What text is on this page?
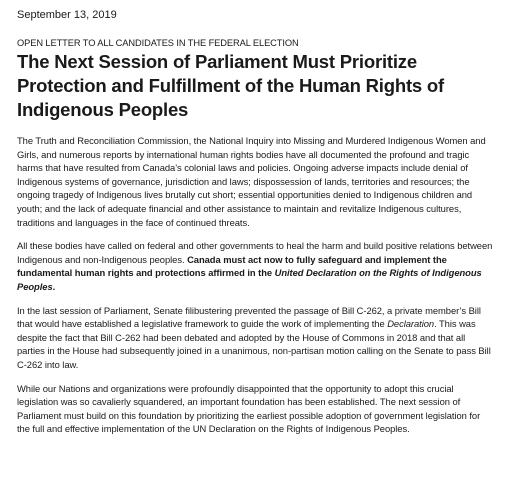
September 13, 2019
OPEN LETTER TO ALL CANDIDATES IN THE FEDERAL ELECTION
The Next Session of Parliament Must Prioritize Protection and Fulfillment of the Human Rights of Indigenous Peoples

The Truth and Reconciliation Commission, the National Inquiry into Missing and Murdered Indigenous Women and Girls, and numerous reports by international human rights bodies have all documented the profound and tragic harms that have resulted from Canada’s colonial laws and policies. Ongoing adverse impacts include denial of Indigenous systems of governance, jurisdiction and laws; dispossession of lands, territories and resources; the ongoing tragedy of Indigenous lives brutally cut short; essential opportunities denied to Indigenous children and youth; and the lack of adequate financial and other assistance to maintain and revitalize Indigenous cultures, traditions and languages in the face of continued threats.

All these bodies have called on federal and other governments to heal the harm and build positive relations between Indigenous and non-Indigenous peoples. Canada must act now to fully safeguard and implement the fundamental human rights and protections affirmed in the United Declaration on the Rights of Indigenous Peoples.

In the last session of Parliament, Senate filibustering prevented the passage of Bill C-262, a private member’s Bill that would have established a legislative framework to guide the work of implementing the Declaration. This was despite the fact that Bill C-262 had been debated and adopted by the House of Commons in 2018 and that all parties in the House had subsequently joined in a unanimous, non-partisan motion calling on the Senate to pass Bill C-262 into law.

While our Nations and organizations were profoundly disappointed that the opportunity to adopt this crucial legislation was so cavalierly squandered, an important foundation has been established. The next session of Parliament must build on this foundation by prioritizing the earliest possible adoption of government legislation for the full and effective implementation of the UN Declaration on the Rights of Indigenous Peoples.
